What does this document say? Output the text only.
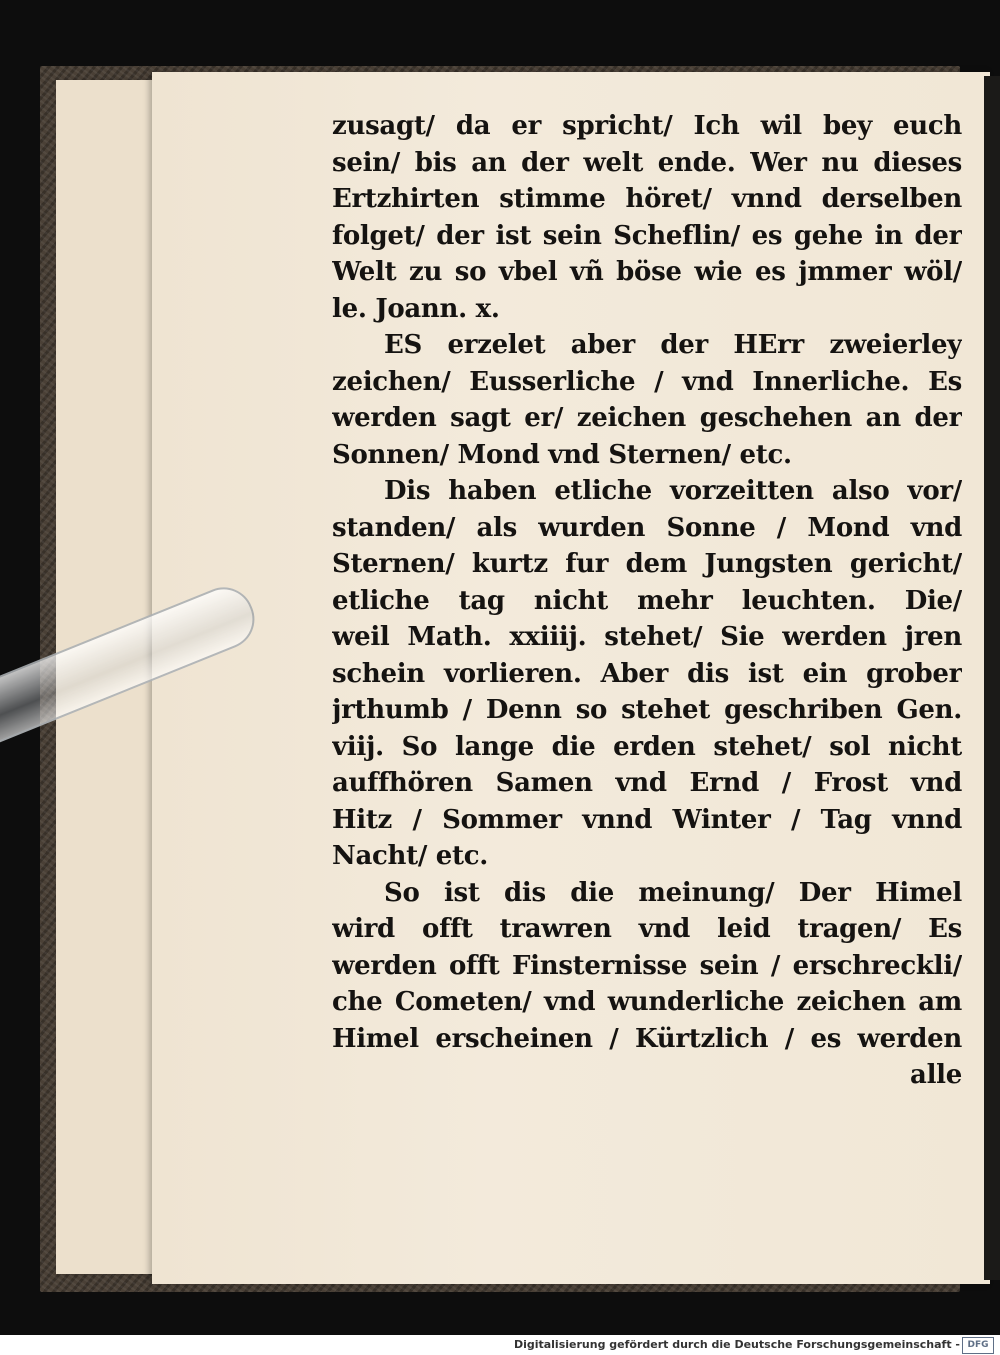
zusagt/ da er spricht/ Ich wil bey euch
sein/ bis an der welt ende. Wer nu dieses
Ertzhirten stimme höret/ vnnd derselben
folget/ der ist sein Scheflin/ es gehe in der
Welt zu so vbel vñ böse wie es jmmer wöl/
le. Joann. x.
ES erzelet aber der HErr zweierley
zeichen/ Eusserliche / vnd Innerliche. Es
werden sagt er/ zeichen geschehen an der
Sonnen/ Mond vnd Sternen/ etc.
Dis haben etliche vorzeitten also vor/
standen/ als wurden Sonne / Mond vnd
Sternen/ kurtz fur dem Jungsten gericht/
etliche tag nicht mehr leuchten. Die/
weil Math. xxiiij. stehet/ Sie werden jren
schein vorlieren. Aber dis ist ein grober
jrthumb / Denn so stehet geschriben Gen.
viij. So lange die erden stehet/ sol nicht
auffhören Samen vnd Ernd / Frost vnd
Hitz / Sommer vnnd Winter / Tag vnnd
Nacht/ etc.
So ist dis die meinung/ Der Himel
wird offt trawren vnd leid tragen/ Es
werden offt Finsternisse sein / erschreckli/
che Cometen/ vnd wunderliche zeichen am
Himel erscheinen / Kürtzlich / es werden
alle
Digitalisierung gefördert durch die Deutsche Forschungsgemeinschaft - DFG
